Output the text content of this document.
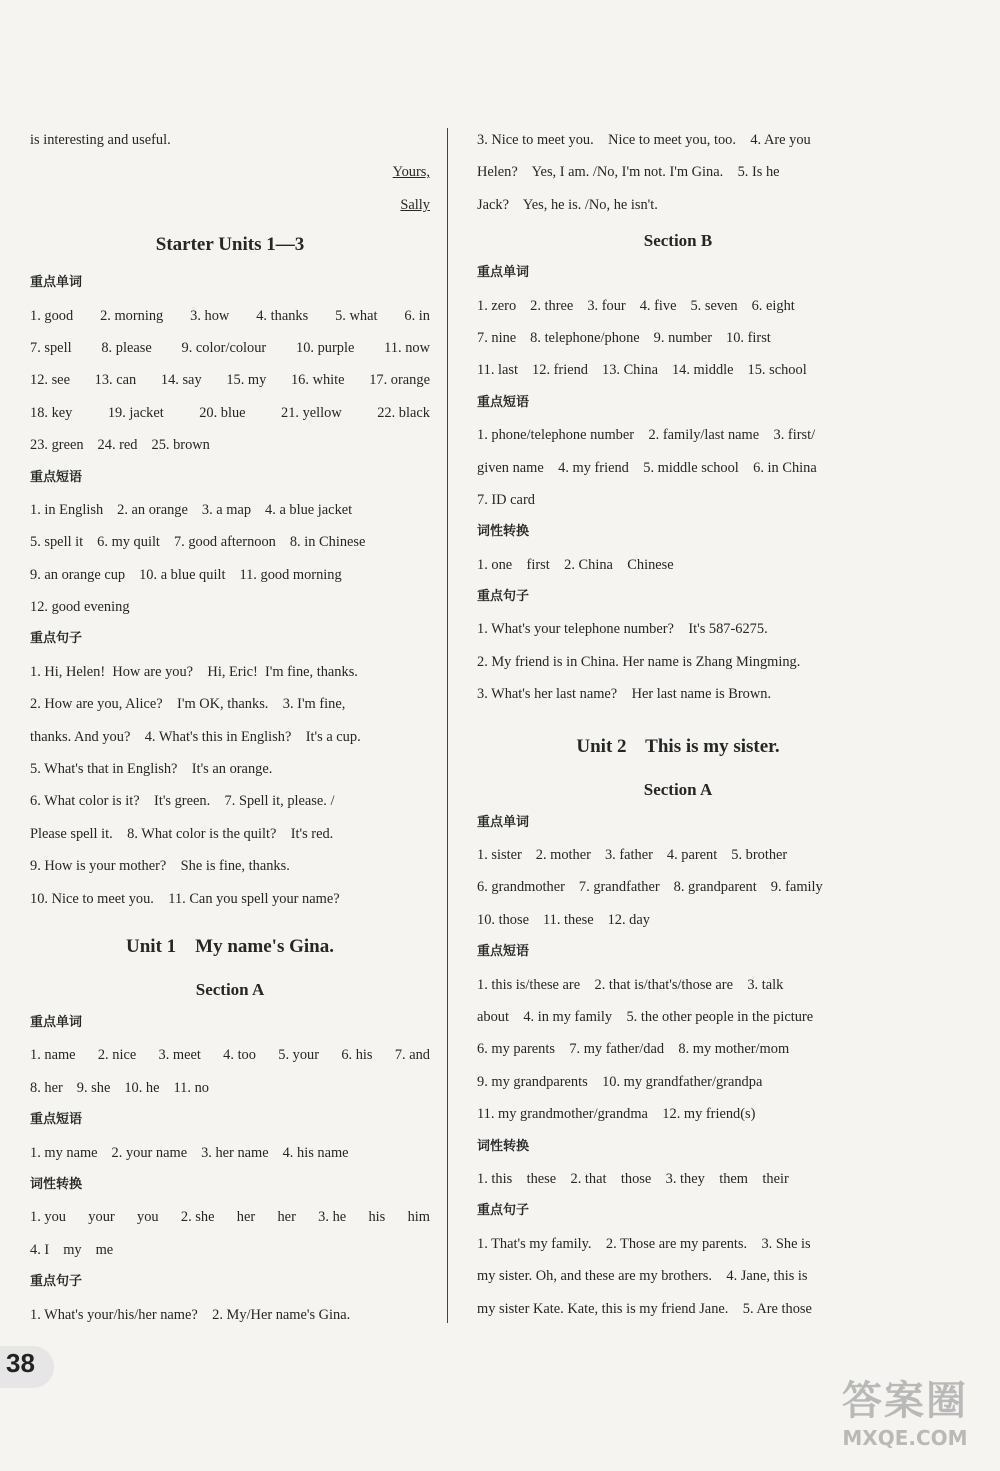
is interesting and useful.
Yours,
Sally
Starter Units 1—3
重点单词
1. good 2. morning 3. how 4. thanks 5. what 6. in
7. spell 8. please 9. color/colour 10. purple 11. now
12. see 13. can 14. say 15. my 16. white 17. orange
18. key 19. jacket 20. blue 21. yellow 22. black
23. green 24. red 25. brown
重点短语
1. in English 2. an orange 3. a map 4. a blue jacket
5. spell it 6. my quilt 7. good afternoon 8. in Chinese
9. an orange cup 10. a blue quilt 11. good morning
12. good evening
重点句子
1. Hi, Helen!  How are you?    Hi, Eric!  I'm fine, thanks.
2. How are you, Alice?    I'm OK, thanks.    3. I'm fine,
thanks. And you?    4. What's this in English?    It's a cup.
5. What's that in English?    It's an orange.
6. What color is it?    It's green.    7. Spell it, please. /
Please spell it.    8. What color is the quilt?    It's red.
9. How is your mother?    She is fine, thanks.
10. Nice to meet you.    11. Can you spell your name?
Unit 1    My name's Gina.
Section A
重点单词
1. name 2. nice 3. meet 4. too 5. your 6. his 7. and
8. her 9. she 10. he 11. no
重点短语
1. my name 2. your name 3. her name 4. his name
词性转换
1. you your you 2. she her her 3. he his him
4. I my me
重点句子
1. What's your/his/her name?    2. My/Her name's Gina.
3. Nice to meet you.    Nice to meet you, too.    4. Are you
Helen?    Yes, I am. /No, I'm not. I'm Gina.    5. Is he
Jack?    Yes, he is. /No, he isn't.
Section B
重点单词
1. zero 2. three 3. four 4. five 5. seven 6. eight
7. nine 8. telephone/phone 9. number 10. first
11. last 12. friend 13. China 14. middle 15. school
重点短语
1. phone/telephone number    2. family/last name    3. first/
given name    4. my friend    5. middle school    6. in China
7. ID card
词性转换
1. one    first    2. China    Chinese
重点句子
1. What's your telephone number?    It's 587-6275.
2. My friend is in China. Her name is Zhang Mingming.
3. What's her last name?    Her last name is Brown.
Unit 2    This is my sister.
Section A
重点单词
1. sister 2. mother 3. father 4. parent 5. brother
6. grandmother 7. grandfather 8. grandparent 9. family
10. those 11. these 12. day
重点短语
1. this is/these are    2. that is/that's/those are    3. talk
about    4. in my family    5. the other people in the picture
6. my parents    7. my father/dad    8. my mother/mom
9. my grandparents    10. my grandfather/grandpa
11. my grandmother/grandma    12. my friend(s)
词性转换
1. this    these    2. that    those    3. they    them    their
重点句子
1. That's my family.    2. Those are my parents.    3. She is
my sister. Oh, and these are my brothers.    4. Jane, this is
my sister Kate. Kate, this is my friend Jane.    5. Are those
38
答案圈
MXQE.COM
